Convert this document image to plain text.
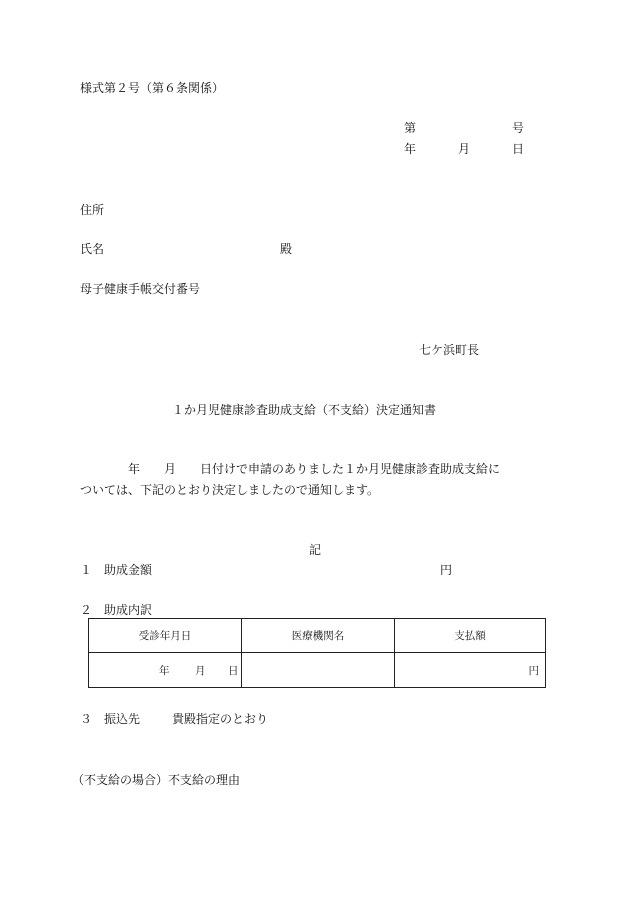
様式第２号（第６条関係）
第	号
年	月	日
住所
氏名	殿
母子健康手帳交付番号
七ケ浜町長
１か月児健康診査助成支給（不支給）決定通知書
　　　　年　　月　　日付けで申請のありました１か月児健康診査助成支給に
ついては、下記のとおり決定しましたので通知します。
記
１ 助成金額	円
２ 助成内訳
受診年月日	医療機関名	支払額

年 月 日		円
３ 振込先	貴殿指定のとおり
（不支給の場合）不支給の理由
